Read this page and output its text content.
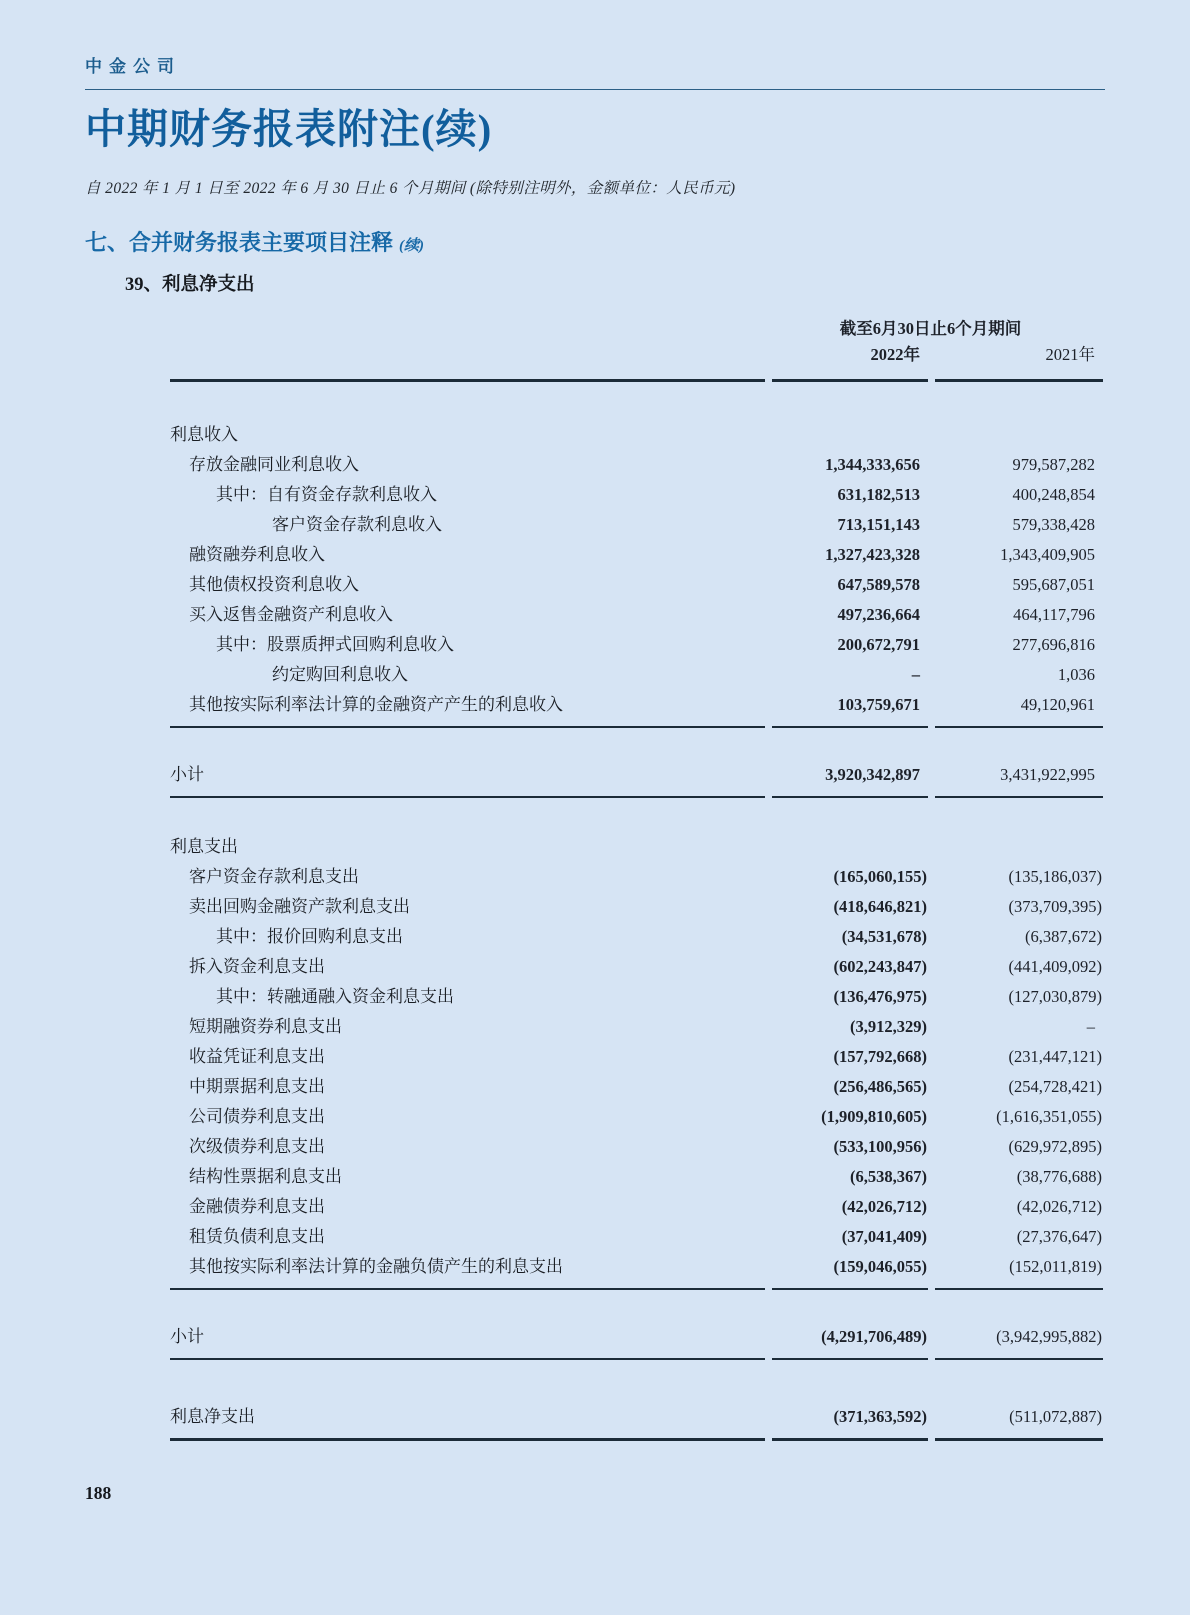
中金公司
中期财务报表附注(续)
自 2022 年 1 月 1 日至 2022 年 6 月 30 日止 6 个月期间 (除特别注明外，金额单位：人民币元)
七、合并财务报表主要项目注释 (续)
39、利息净支出
截至6月30日止6个月期间
2022年	2021年
利息收入
存放金融同业利息收入	1,344,333,656	979,587,282
其中：自有资金存款利息收入	631,182,513	400,248,854
客户资金存款利息收入	713,151,143	579,338,428
融资融券利息收入	1,327,423,328	1,343,409,905
其他债权投资利息收入	647,589,578	595,687,051
买入返售金融资产利息收入	497,236,664	464,117,796
其中：股票质押式回购利息收入	200,672,791	277,696,816
约定购回利息收入	–	1,036
其他按实际利率法计算的金融资产产生的利息收入	103,759,671	49,120,961
小计	3,920,342,897	3,431,922,995
利息支出
客户资金存款利息支出	(165,060,155)	(135,186,037)
卖出回购金融资产款利息支出	(418,646,821)	(373,709,395)
其中：报价回购利息支出	(34,531,678)	(6,387,672)
拆入资金利息支出	(602,243,847)	(441,409,092)
其中：转融通融入资金利息支出	(136,476,975)	(127,030,879)
短期融资券利息支出	(3,912,329)	–
收益凭证利息支出	(157,792,668)	(231,447,121)
中期票据利息支出	(256,486,565)	(254,728,421)
公司债券利息支出	(1,909,810,605)	(1,616,351,055)
次级债券利息支出	(533,100,956)	(629,972,895)
结构性票据利息支出	(6,538,367)	(38,776,688)
金融债券利息支出	(42,026,712)	(42,026,712)
租赁负债利息支出	(37,041,409)	(27,376,647)
其他按实际利率法计算的金融负债产生的利息支出	(159,046,055)	(152,011,819)
小计	(4,291,706,489)	(3,942,995,882)
利息净支出	(371,363,592)	(511,072,887)
188
